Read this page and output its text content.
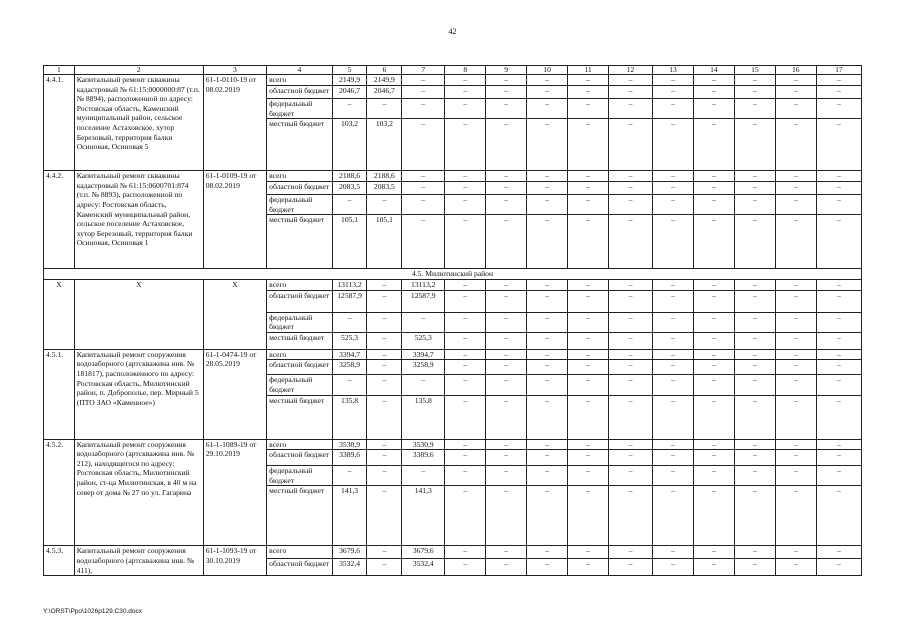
42
1	2	3	4	5	6	7	8	9	10	11	12	13	14	15	16	17
4.4.1.	Капитальный ремонт скважины кадастровый № 61:15:0000000:87 (т.п. № 8894), расположенной по адресу: Ростовская область, Каменский муниципальный район, сельское поселение Астаховское, хутор Березовый, территория балки Осиновая, Осиновая 5	61-1-0110-19 от 08.02.2019	всего	2149,9	2149,9	–	–	–	–	–	–	–	–	–	–	–
			областной бюджет	2046,7	2046,7	–	–	–	–	–	–	–	–	–	–	–
			федеральный бюджет	–	–	–	–	–	–	–	–	–	–	–	–	–
			местный бюджет	103,2	103,2	–	–	–	–	–	–	–	–	–	–	–
4.4.2.	Капитальный ремонт скважины кадастровый № 61:15:0600701:874 (т.п. № 8893), расположенной по адресу: Ростовская область, Каменский муниципальный район, сельское поселение Астаховское, хутор Березовый, территория балки Осиновая, Осиновая 1	61-1-0109-19 от 08.02.2019	всего	2188,6	2188,6	–	–	–	–	–	–	–	–	–	–	–
			областной бюджет	2083,5	2083,5	–	–	–	–	–	–	–	–	–	–	–
			федеральный бюджет	–	–	–	–	–	–	–	–	–	–	–	–	–
			местный бюджет	105,1	105,1	–	–	–	–	–	–	–	–	–	–	–
4.5. Милютинский район																
Х	Х	Х	всего	13113,2	–	13113,2	–	–	–	–	–	–	–	–	–	–
			областной бюджет	12587,9	–	12587,9	–	–	–	–	–	–	–	–	–	–
			федеральный бюджет	–	–	–	–	–	–	–	–	–	–	–	–	–
			местный бюджет	525,3	–	525,3	–	–	–	–	–	–	–	–	–	–
4.5.1.	Капитальный ремонт сооружения водозаборного (артскважина инв. № 181817), расположенного по адресу: Ростовская область, Милютинский район, п. Доброполье, пер. Мирный 5 (ПТО ЗАО «Каменное»)	61-1-0474-19 от 28.05.2019	всего	3394,7	–	3394,7	–	–	–	–	–	–	–	–	–	–
			областной бюджет	3258,9	–	3258,9	–	–	–	–	–	–	–	–	–	–
			федеральный бюджет	–	–	–	–	–	–	–	–	–	–	–	–	–
			местный бюджет	135,8	–	135,8	–	–	–	–	–	–	–	–	–	–
4.5.2.	Капитальный ремонт сооружения водозаборного (артскважина инв. № 212), находящегося по адресу: Ростовская область, Милютинский район, ст-ца Милютинская, в 40 м на север от дома № 27 по ул. Гагарина	61-1-1089-19 от 29.10.2019	всего	3530,9	–	3530,9	–	–	–	–	–	–	–	–	–	–
			областной бюджет	3389,6	–	3389,6	–	–	–	–	–	–	–	–	–	–
			федеральный бюджет	–	–	–	–	–	–	–	–	–	–	–	–	–
			местный бюджет	141,3	–	141,3	–	–	–	–	–	–	–	–	–	–
4.5.3.	Капитальный ремонт сооружения водозаборного (артскважина инв. № 411),	61-1-1093-19 от 30.10.2019	всего	3679,6	–	3679,6	–	–	–	–	–	–	–	–	–	–
			областной бюджет	3532,4	–	3532,4	–	–	–	–	–	–	–	–	–	–
Y:\ORST\Ppo\1026p129.С30.docx
